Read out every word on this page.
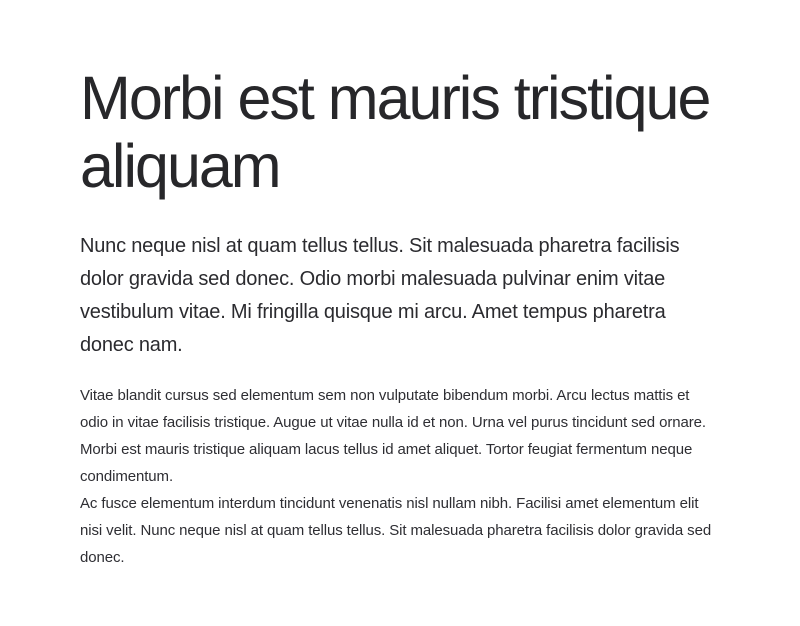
Morbi est mauris tristique aliquam

Nunc neque nisl at quam tellus tellus. Sit malesuada pharetra facilisis dolor gravida sed donec. Odio morbi malesuada pulvinar enim vitae vestibulum vitae. Mi fringilla quisque mi arcu. Amet tempus pharetra donec nam.

Vitae blandit cursus sed elementum sem non vulputate bibendum morbi. Arcu lectus mattis et odio in vitae facilisis tristique. Augue ut vitae nulla id et non. Urna vel purus tincidunt sed ornare. Morbi est mauris tristique aliquam lacus tellus id amet aliquet. Tortor feugiat fermentum neque condimentum.

Ac fusce elementum interdum tincidunt venenatis nisl nullam nibh. Facilisi amet elementum elit nisi velit. Nunc neque nisl at quam tellus tellus. Sit malesuada pharetra facilisis dolor gravida sed donec.
